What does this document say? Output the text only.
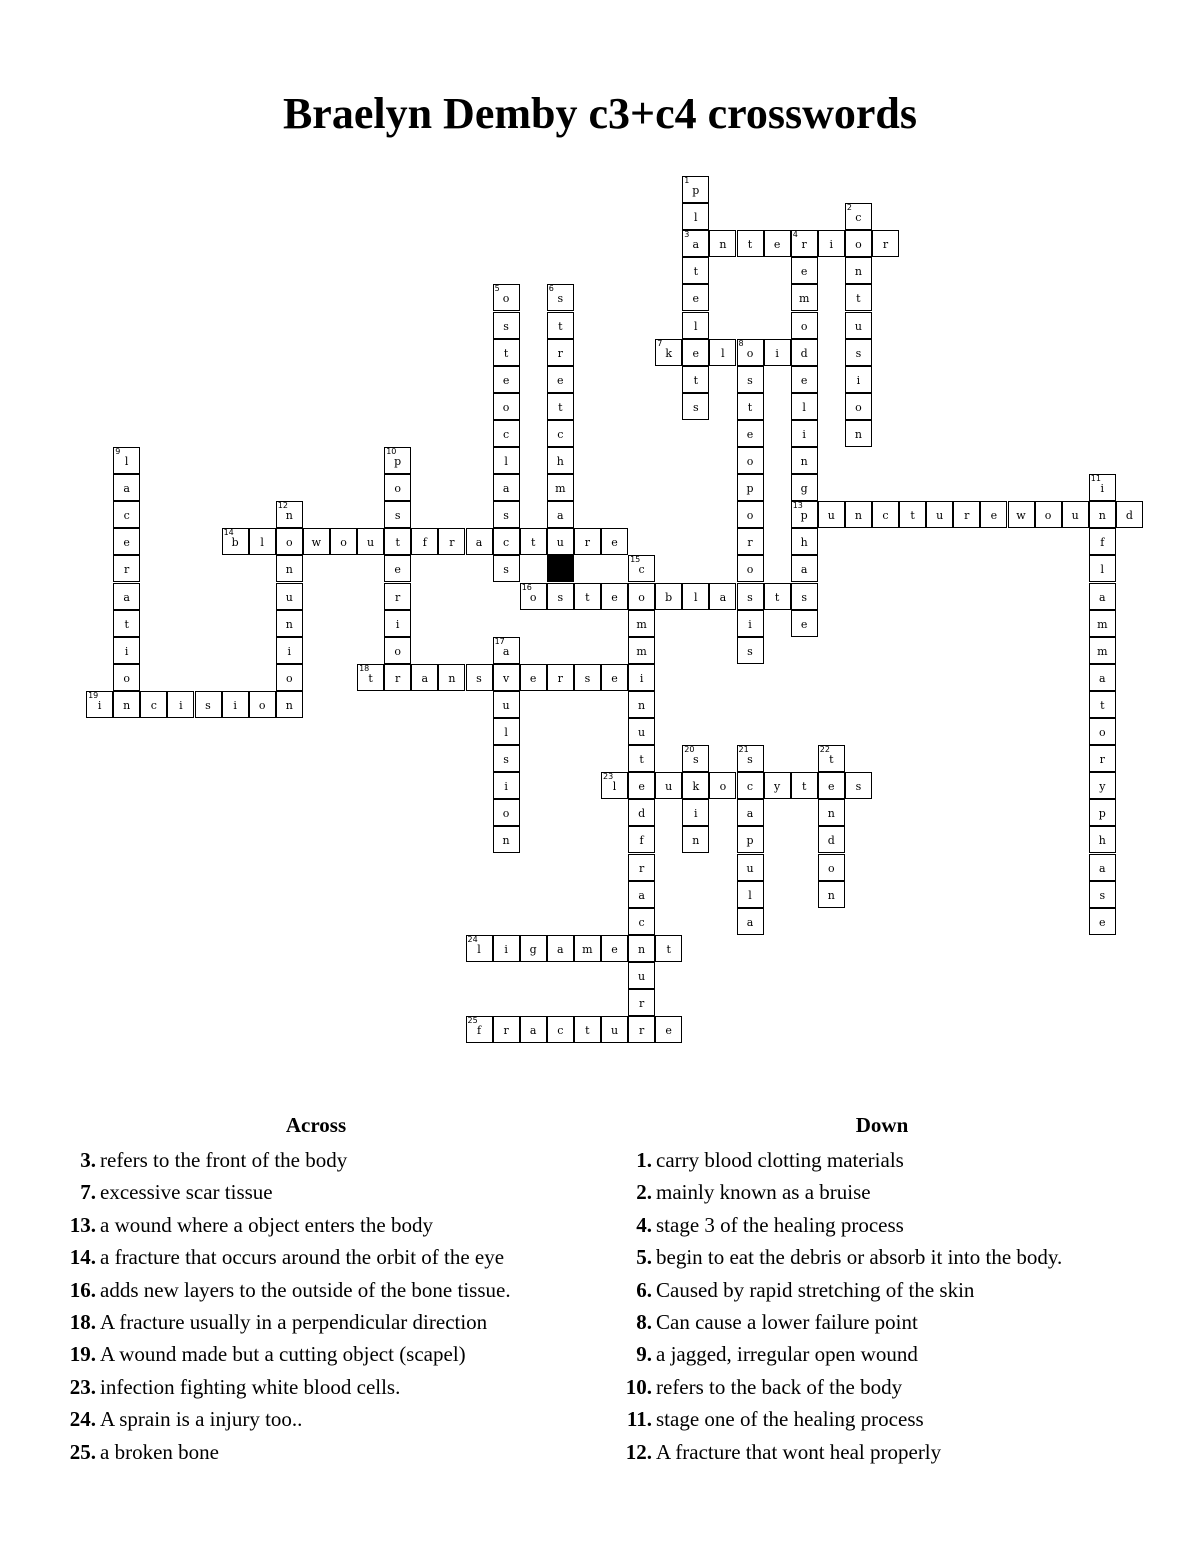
Braelyn Demby c3+c4 crosswords
1
p
l
3
a
t
e
l
e
t
s
2
c
o
n
t
u
s
i
o
n
n	t	e
4
r	i	r
e
m
o
d
e
l
i
n
g
13
p
h
a
s
e
5
o
s
t
e
o
c
l
a
s
c
s
6
s
t
r
e
t
c
h
m
a
u
7
k	l
8
o	i
s
t
e
o
p
o
r
o
s
i
s
9
l
a
c
e
r
a
t
i
o
n
10
p
o
s
t
e
r
i
o
r
11
i
n
f
l
a
m
m
a
t
o
r
y
p
h
a
s
e
12
n
o
n
u
n
i
o
n
u	n	c	t	u	r	e	w	o	u	d
14
b	l	w	o	u	f	r	a	t	r	e
15
c
o
m
m
i
n
u
t
e
d
f
r
a
c
n
u
r
r
16
o	s	t	e	b	l	a	t
17
a
v
u
l
s
i
o
n
18
t	a	n	s	e	r	s	e
19
i	c	i	s	i	o
20
s
k
i
n
21
s
c
a
p
u
l
a
22
t
e
n
d
o
n
23
l	u	o	y	t	s
24
l	i	g	a	m	e	t
25
f	r	a	c	t	u	e
Across
3. refers to the front of the body
7. excessive scar tissue
13. a wound where a object enters the body
14. a fracture that occurs around the orbit of the eye
16. adds new layers to the outside of the bone tissue.
18. A fracture usually in a perpendicular direction
19. A wound made but a cutting object (scapel)
23. infection fighting white blood cells.
24. A sprain is a injury too..
25. a broken bone
Down
1. carry blood clotting materials
2. mainly known as a bruise
4. stage 3 of the healing process
5. begin to eat the debris or absorb it into the body.
6. Caused by rapid stretching of the skin
8. Can cause a lower failure point
9. a jagged, irregular open wound
10. refers to the back of the body
11. stage one of the healing process
12. A fracture that wont heal properly
